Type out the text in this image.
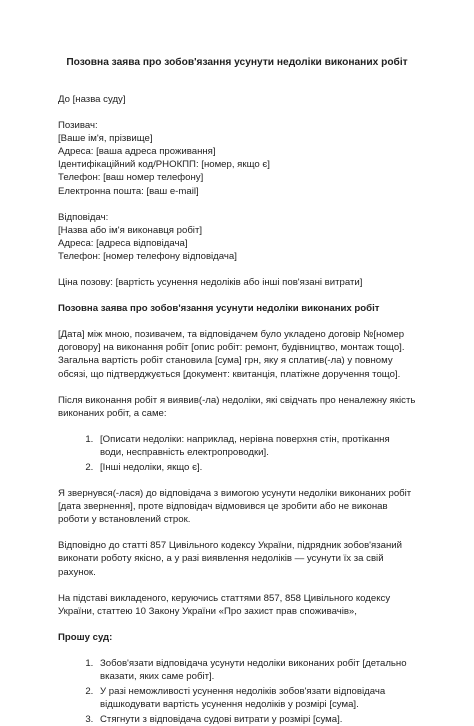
Позовна заява про зобов'язання усунути недоліки виконаних робіт

До [назва суду]

Позивач:
[Ваше ім'я, прізвище]
Адреса: [ваша адреса проживання]
Ідентифікаційний код/РНОКПП: [номер, якщо є]
Телефон: [ваш номер телефону]
Електронна пошта: [ваш e-mail]
Відповідач:
[Назва або ім'я виконавця робіт]
Адреса: [адреса відповідача]
Телефон: [номер телефону відповідача]

Ціна позову: [вартість усунення недоліків або інші пов'язані витрати]

Позовна заява про зобов'язання усунути недоліки виконаних робіт

[Дата] між мною, позивачем, та відповідачем було укладено договір №[номер договору] на виконання робіт [опис робіт: ремонт, будівництво, монтаж тощо]. Загальна вартість робіт становила [сума] грн, яку я сплатив(-ла) у повному обсязі, що підтверджується [документ: квитанція, платіжне доручення тощо].

Після виконання робіт я виявив(-ла) недоліки, які свідчать про неналежну якість виконаних робіт, а саме:

1. [Описати недоліки: наприклад, нерівна поверхня стін, протікання води, несправність електропроводки].
2. [Інші недоліки, якщо є].

Я звернувся(-лася) до відповідача з вимогою усунути недоліки виконаних робіт [дата звернення], проте відповідач відмовився це зробити або не виконав роботи у встановлений строк.

Відповідно до статті 857 Цивільного кодексу України, підрядник зобов'язаний виконати роботу якісно, а у разі виявлення недоліків — усунути їх за свій рахунок.

На підставі викладеного, керуючись статтями 857, 858 Цивільного кодексу України, статтею 10 Закону України «Про захист прав споживачів»,

Прошу суд:

1. Зобов'язати відповідача усунути недоліки виконаних робіт [детально вказати, яких саме робіт].
2. У разі неможливості усунення недоліків зобов'язати відповідача відшкодувати вартість усунення недоліків у розмірі [сума].
3. Стягнути з відповідача судові витрати у розмірі [сума].
